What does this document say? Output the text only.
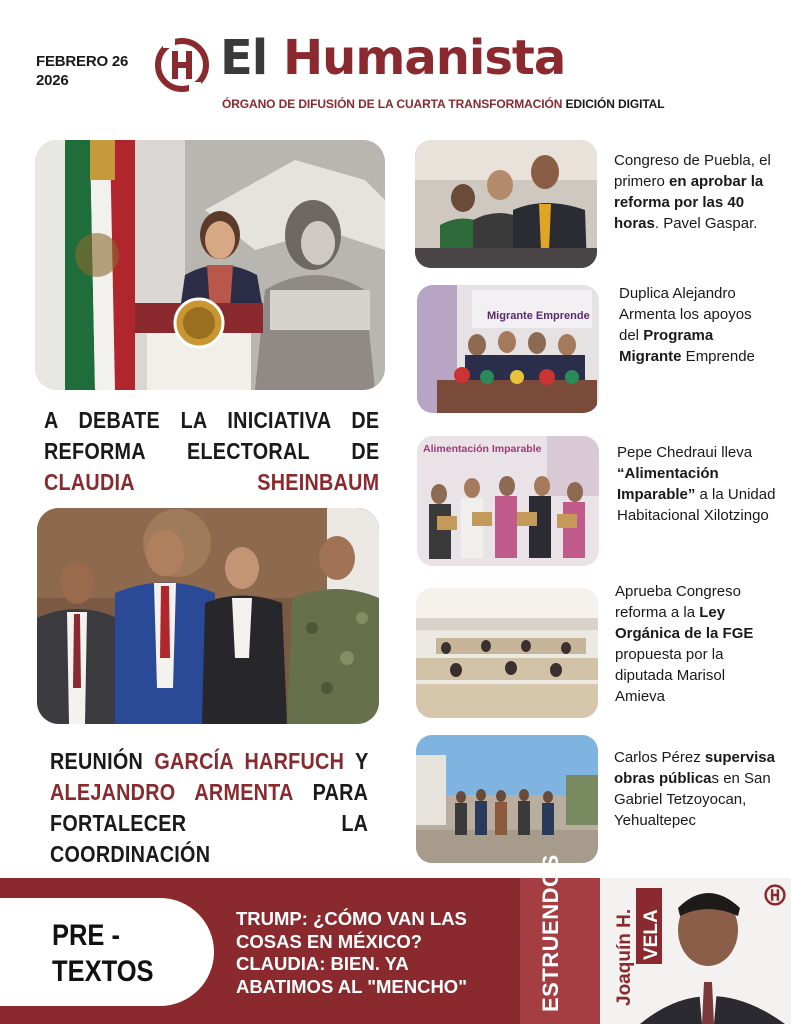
FEBRERO 26
2026	El Humanista
ÓRGANO DE DIFUSIÓN DE LA CUARTA TRANSFORMACIÓN EDICIÓN DIGITAL
A DEBATE LA INICIATIVA DE REFORMA ELECTORAL DE CLAUDIA SHEINBAUM
REUNIÓN GARCÍA HARFUCH Y ALEJANDRO ARMENTA PARA FORTALECER LA COORDINACIÓN
Congreso de Puebla, el primero en aprobar la reforma por las 40 horas. Pavel Gaspar.
Migrante Emprende
Duplica Alejandro Armenta los apoyos del Programa Migrante Emprende
Alimentación Imparable	Pepe Chedraui lleva “Alimentación Imparable” a la Unidad Habitacional Xilotzingo
Aprueba Congreso reforma a la Ley Orgánica de la FGE propuesta por la diputada Marisol Amieva
Carlos Pérez supervisa obras públicas en San Gabriel Tetzoyocan, Yehualtepec
PRE -
TEXTOS
TRUMP: ¿CÓMO VAN LAS COSAS EN MÉXICO? CLAUDIA: BIEN. YA ABATIMOS AL "MENCHO"	ESTRUENDOS	Joaquín H. VELA
